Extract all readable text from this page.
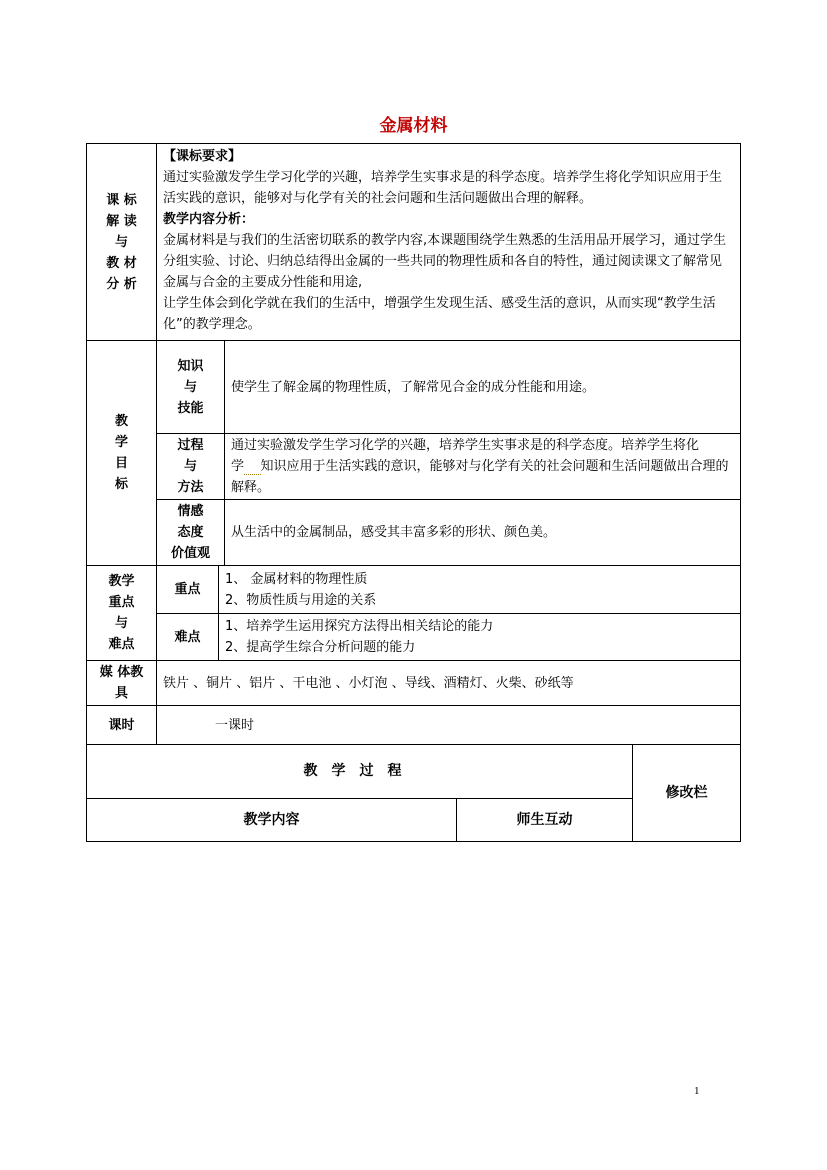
金属材料
课 标
解 读
与
教 材
分 析
【课标要求】
通过实验激发学生学习化学的兴趣，培养学生实事求是的科学态度。培养学生将化学知识应用于生活实践的意识，能够对与化学有关的社会问题和生活问题做出合理的解释。
教学内容分析：
金属材料是与我们的生活密切联系的教学内容,本课题围绕学生熟悉的生活用品开展学习，通过学生分组实验、讨论、归纳总结得出金属的一些共同的物理性质和各自的特性，通过阅读课文了解常见金属与合金的主要成分性能和用途,
让学生体会到化学就在我们的生活中，增强学生发现生活、感受生活的意识，从而实现“教学生活化”的教学理念。
教
学
目
标
知识
与
技能
使学生了解金属的物理性质，了解常见合金的成分性能和用途。
过程
与
方法
通过实验激发学生学习化学的兴趣，培养学生实事求是的科学态度。培养学生将化学 知识应用于生活实践的意识，能够对与化学有关的社会问题和生活问题做出合理的解释。
情感
态度
价值观
从生活中的金属制品，感受其丰富多彩的形状、颜色美。
教学
重点
与
难点
重点
1、 金属材料的物理性质
2、物质性质与用途的关系
难点
1、培养学生运用探究方法得出相关结论的能力
2、提高学生综合分析问题的能力
媒 体教
具
铁片 、铜片 、铝片 、干电池 、小灯泡 、导线、酒精灯、火柴、砂纸等
课时	一课时
教学过程
教学内容	师生互动
修改栏
1
